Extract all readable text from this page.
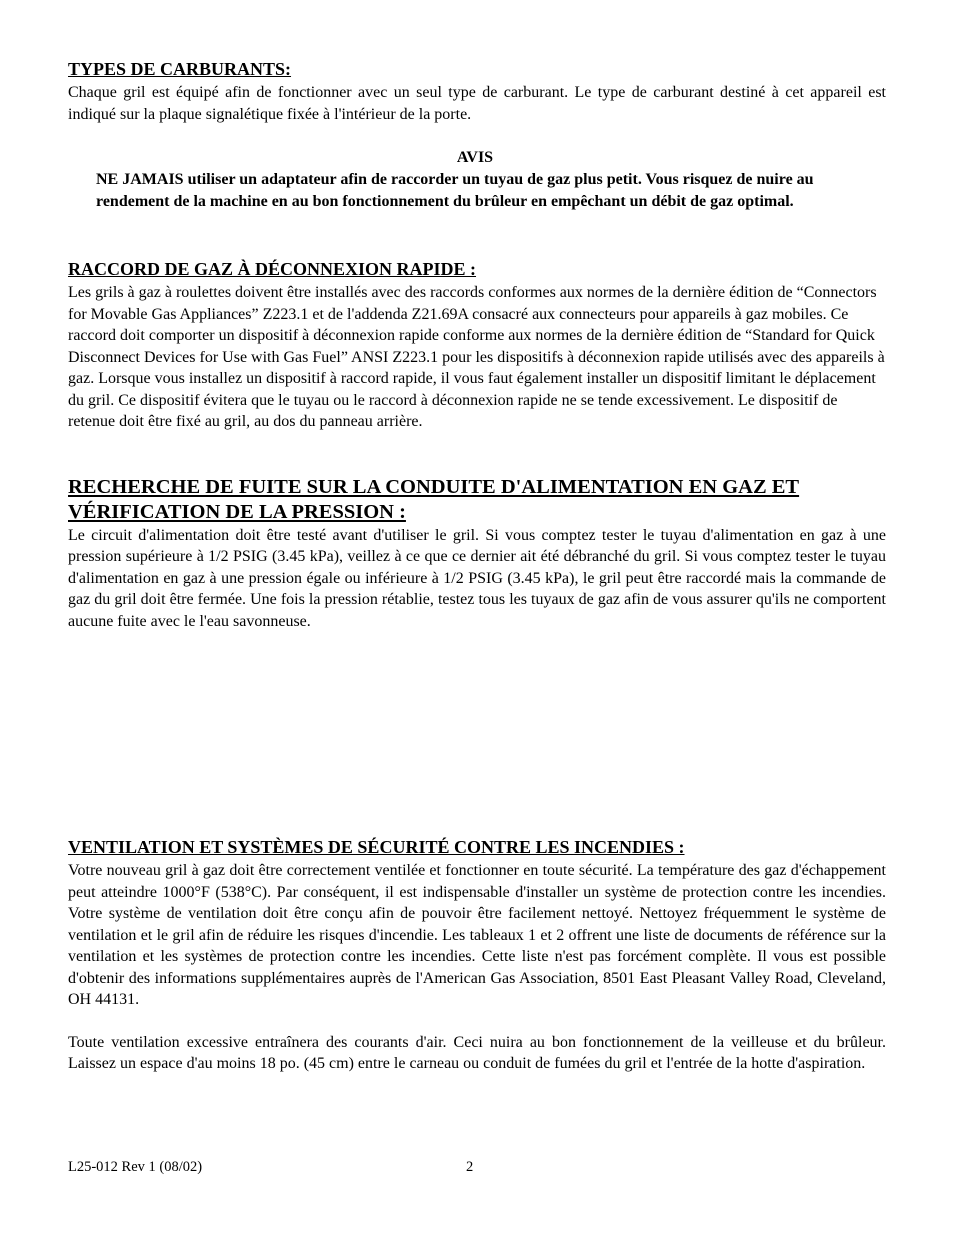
TYPES DE CARBURANTS:

Chaque gril est équipé afin de fonctionner avec un seul type de carburant. Le type de carburant destiné à cet appareil est indiqué sur la plaque signalétique fixée à l'intérieur de la porte.

AVIS
NE JAMAIS utiliser un adaptateur afin de raccorder un tuyau de gaz plus petit. Vous risquez de nuire au rendement de la machine en au bon fonctionnement du brûleur en empêchant un débit de gaz optimal.
RACCORD DE GAZ À DÉCONNEXION RAPIDE :

Les grils à gaz à roulettes doivent être installés avec des raccords conformes aux normes de la dernière édition de “Connectors for Movable Gas Appliances” Z223.1 et de l'addenda Z21.69A consacré aux connecteurs pour appareils à gaz mobiles. Ce raccord doit comporter un dispositif à déconnexion rapide conforme aux normes de la dernière édition de “Standard for Quick Disconnect Devices for Use with Gas Fuel” ANSI Z223.1 pour les dispositifs à déconnexion rapide utilisés avec des appareils à gaz. Lorsque vous installez un dispositif à raccord rapide, il vous faut également installer un dispositif limitant le déplacement du gril. Ce dispositif évitera que le tuyau ou le raccord à déconnexion rapide ne se tende excessivement. Le dispositif de retenue doit être fixé au gril, au dos du panneau arrière.

RECHERCHE DE FUITE SUR LA CONDUITE D'ALIMENTATION EN GAZ ET VÉRIFICATION DE LA PRESSION :

Le circuit d'alimentation doit être testé avant d'utiliser le gril. Si vous comptez tester le tuyau d'alimentation en gaz à une pression supérieure à 1/2 PSIG (3.45 kPa), veillez à ce que ce dernier ait été débranché du gril. Si vous comptez tester le tuyau d'alimentation en gaz à une pression égale ou inférieure à 1/2 PSIG (3.45 kPa), le gril peut être raccordé mais la commande de gaz du gril doit être fermée. Une fois la pression rétablie, testez tous les tuyaux de gaz afin de vous assurer qu'ils ne comportent aucune fuite avec le l'eau savonneuse.

VENTILATION ET SYSTÈMES DE SÉCURITÉ CONTRE LES INCENDIES :

Votre nouveau gril à gaz doit être correctement ventilée et fonctionner en toute sécurité. La température des gaz d'échappement peut atteindre 1000°F (538°C). Par conséquent, il est indispensable d'installer un système de protection contre les incendies. Votre système de ventilation doit être conçu afin de pouvoir être facilement nettoyé. Nettoyez fréquemment le système de ventilation et le gril afin de réduire les risques d'incendie. Les tableaux 1 et 2 offrent une liste de documents de référence sur la ventilation et les systèmes de protection contre les incendies. Cette liste n'est pas forcément complète. Il vous est possible d'obtenir des informations supplémentaires auprès de l'American Gas Association, 8501 East Pleasant Valley Road, Cleveland, OH 44131.

Toute ventilation excessive entraînera des courants d'air. Ceci nuira au bon fonctionnement de la veilleuse et du brûleur. Laissez un espace d'au moins 18 po. (45 cm) entre le carneau ou conduit de fumées du gril et l'entrée de la hotte d'aspiration.

L25-012 Rev 1 (08/02)	2
